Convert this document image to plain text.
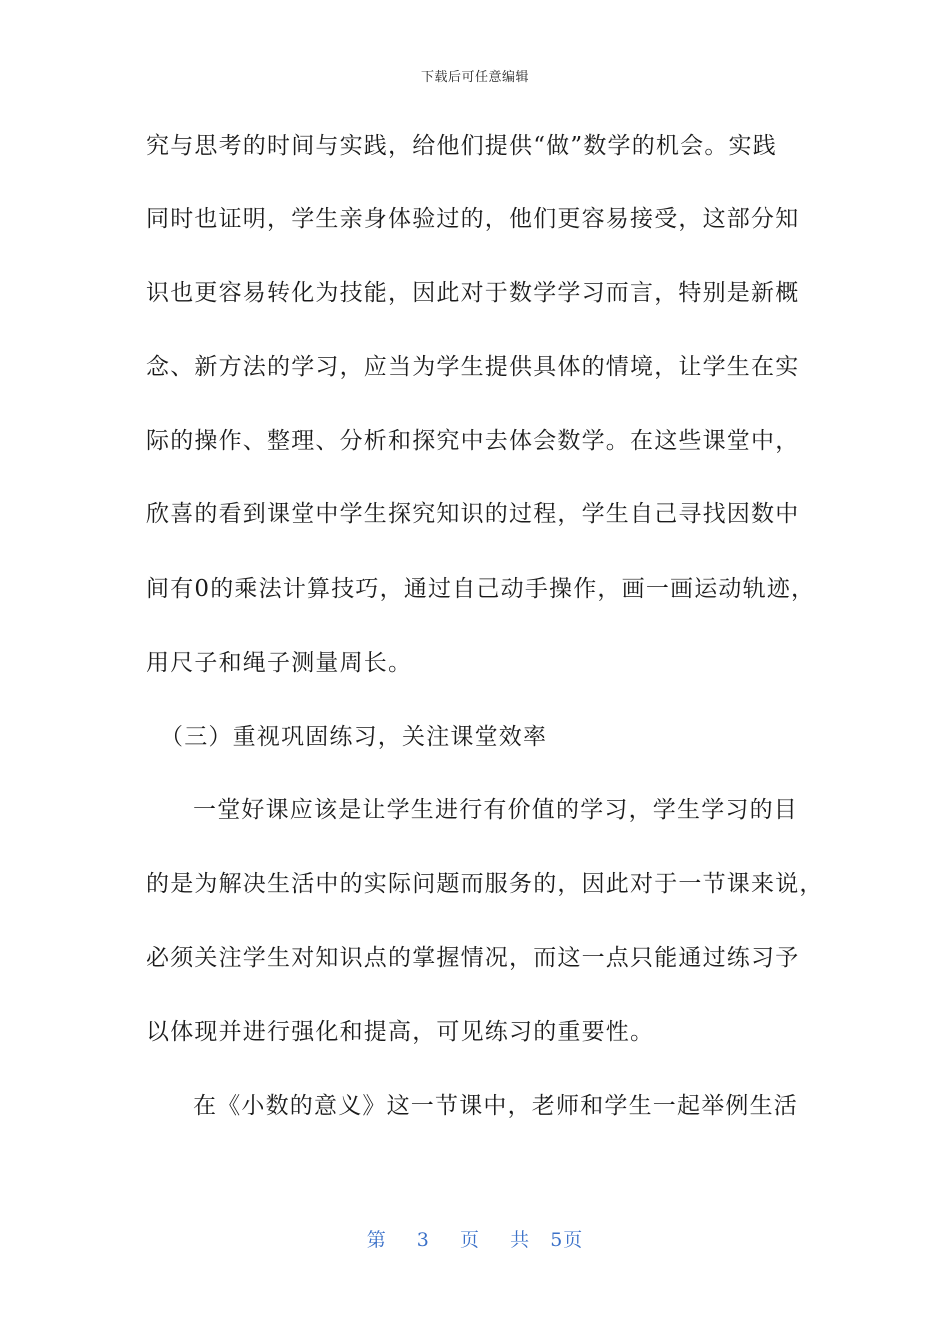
下载后可任意编辑
究与思考的时间与实践，给他们提供“做”数学的机会。实践
同时也证明，学生亲身体验过的，他们更容易接受，这部分知
识也更容易转化为技能，因此对于数学学习而言，特别是新概
念、新方法的学习，应当为学生提供具体的情境，让学生在实
际的操作、整理、分析和探究中去体会数学。在这些课堂中，
欣喜的看到课堂中学生探究知识的过程，学生自己寻找因数中
间有0的乘法计算技巧，通过自己动手操作，画一画运动轨迹，
用尺子和绳子测量周长。
（三）重视巩固练习，关注课堂效率
一堂好课应该是让学生进行有价值的学习，学生学习的目
的是为解决生活中的实际问题而服务的，因此对于一节课来说，
必须关注学生对知识点的掌握情况，而这一点只能通过练习予
以体现并进行强化和提高，可见练习的重要性。
在《小数的意义》这一节课中，老师和学生一起举例生活
第 3 页 共 5页
